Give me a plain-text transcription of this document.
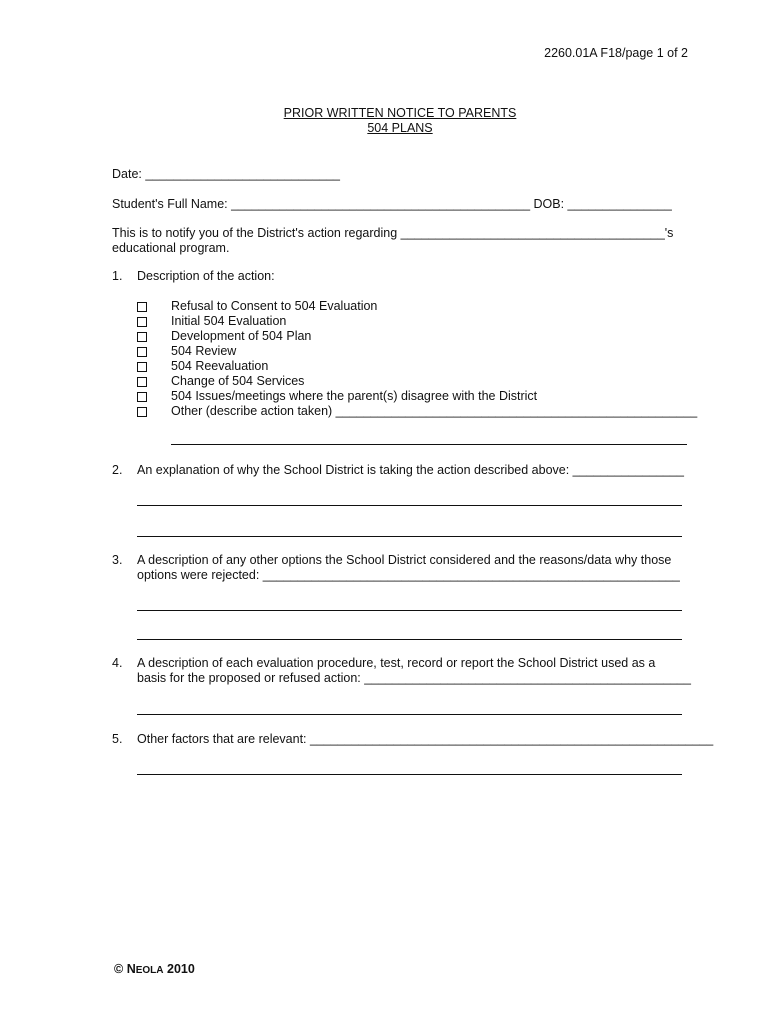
2260.01A F18/page 1 of 2
PRIOR WRITTEN NOTICE TO PARENTS
504 PLANS
Date: ____________________________
Student's Full Name: ___________________________________________ DOB: _______________
This is to notify you of the District's action regarding ______________________________________'s
educational program.
1. Description of the action:
Refusal to Consent to 504 Evaluation
Initial 504 Evaluation
Development of 504 Plan
504 Review
504 Reevaluation
Change of 504 Services
504 Issues/meetings where the parent(s) disagree with the District
Other (describe action taken) ____________________________________________________
2. An explanation of why the School District is taking the action described above: ________________
3. A description of any other options the School District considered and the reasons/data why those
options were rejected: ____________________________________________________________
4. A description of each evaluation procedure, test, record or report the School District used as a
basis for the proposed or refused action: _______________________________________________
5. Other factors that are relevant: __________________________________________________________
© NEOLA 2010
